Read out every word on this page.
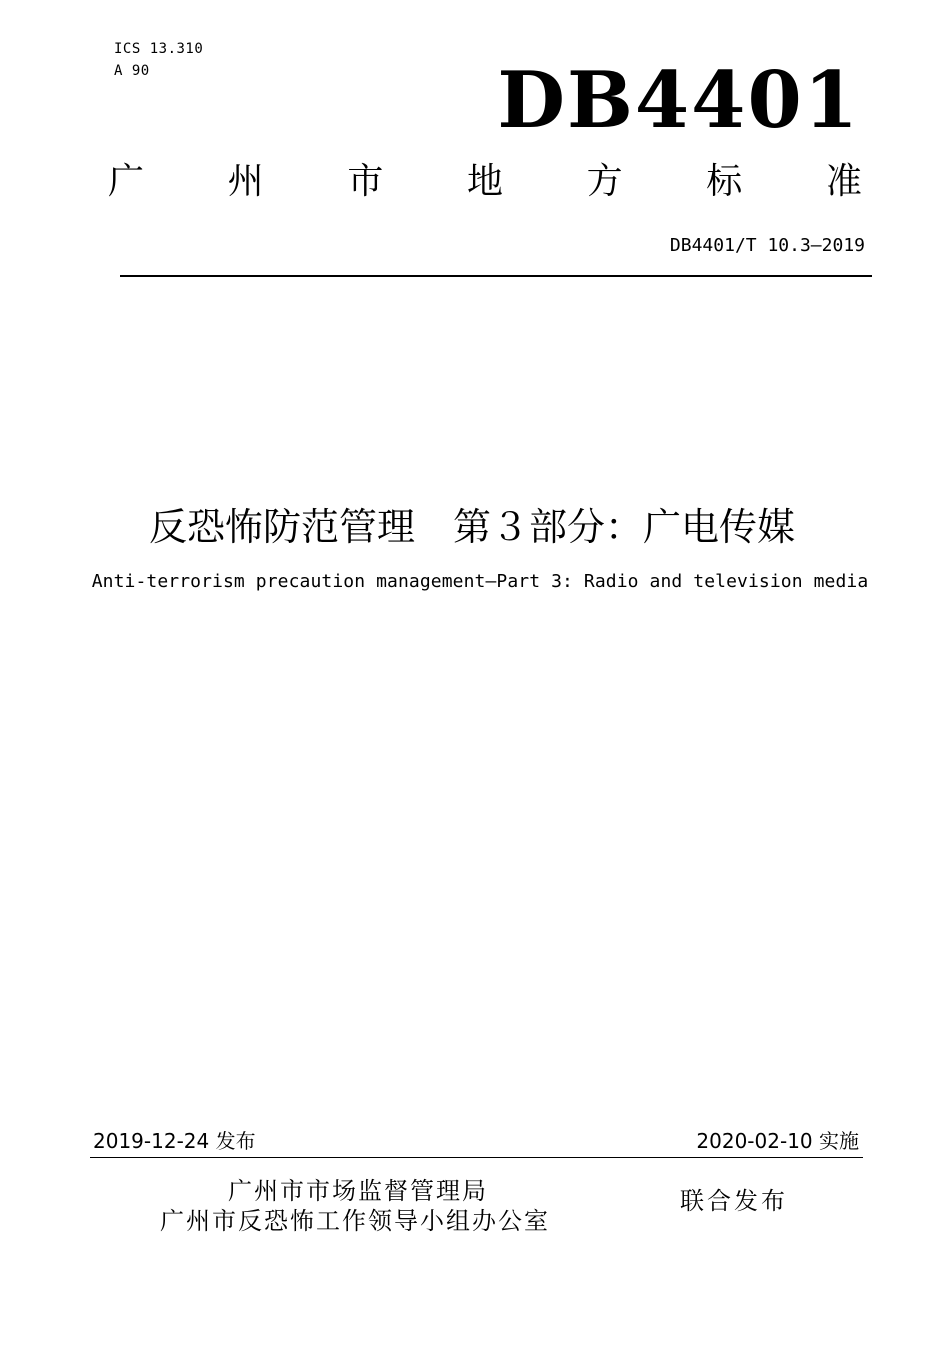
ICS 13.310
A 90	DB4401
广 州 市 地 方 标 准
DB4401/T 10.3—2019
反恐怖防范管理　第３部分：广电传媒
Anti-terrorism precaution management—Part 3: Radio and television media
2019-12-24 发布	2020-02-10 实施
广州市市场监督管理局
广州市反恐怖工作领导小组办公室
联合发布
